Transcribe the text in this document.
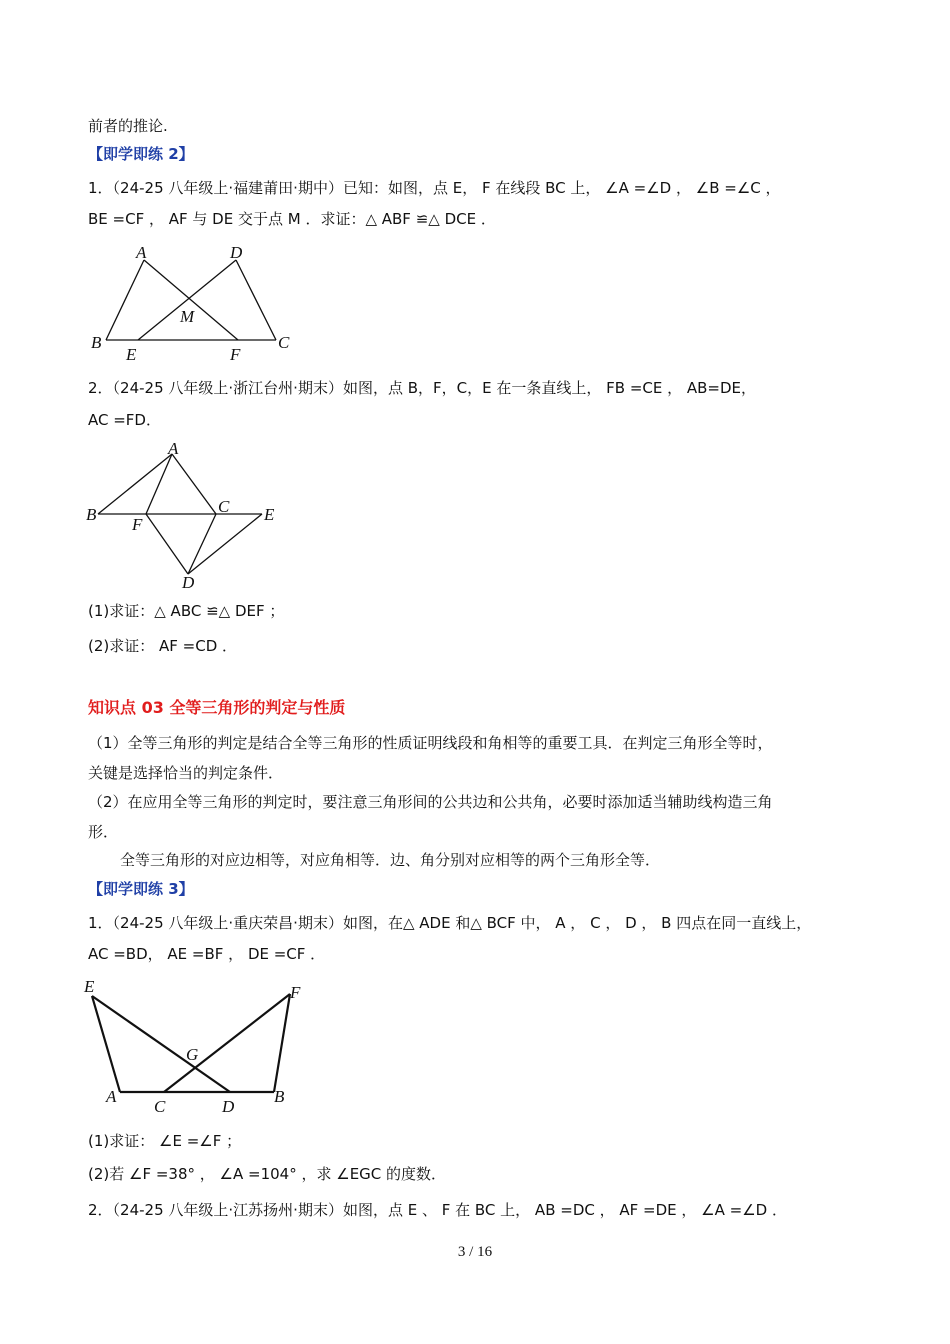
前者的推论.
【即学即练 2】
1．（24-25 八年级上·福建莆田·期中）已知：如图，点 E， F 在线段 BC 上， ∠A =∠D ， ∠B =∠C ，
BE =CF ， AF 与 DE 交于点 M ．求证：△ ABF ≌△ DCE ．
A	D
M
B
E	F
C
2．（24-25 八年级上·浙江台州·期末）如图，点 B，F，C，E 在一条直线上， FB =CE ， AB=DE，
AC =FD．
A
B
F
C E
D
(1)求证：△ ABC ≌△ DEF ；
(2)求证： AF =CD ．
知识点 03 全等三角形的判定与性质
（1）全等三角形的判定是结合全等三角形的性质证明线段和角相等的重要工具．在判定三角形全等时，
关键是选择恰当的判定条件．
（2）在应用全等三角形的判定时，要注意三角形间的公共边和公共角，必要时添加适当辅助线构造三角
形．
全等三角形的对应边相等，对应角相等．边、角分别对应相等的两个三角形全等．
【即学即练 3】
1．（24-25 八年级上·重庆荣昌·期末）如图，在△ ADE 和△ BCF 中， A ， C ， D ， B 四点在同一直线上，
AC =BD， AE =BF ， DE =CF ．
E	F
G
A
C	D
B
(1)求证： ∠E =∠F ；
(2)若 ∠F =38° ， ∠A =104° ，求 ∠EGC 的度数．
2．（24-25 八年级上·江苏扬州·期末）如图，点 E 、 F 在 BC 上， AB =DC ， AF =DE ， ∠A =∠D ．
3 / 16
